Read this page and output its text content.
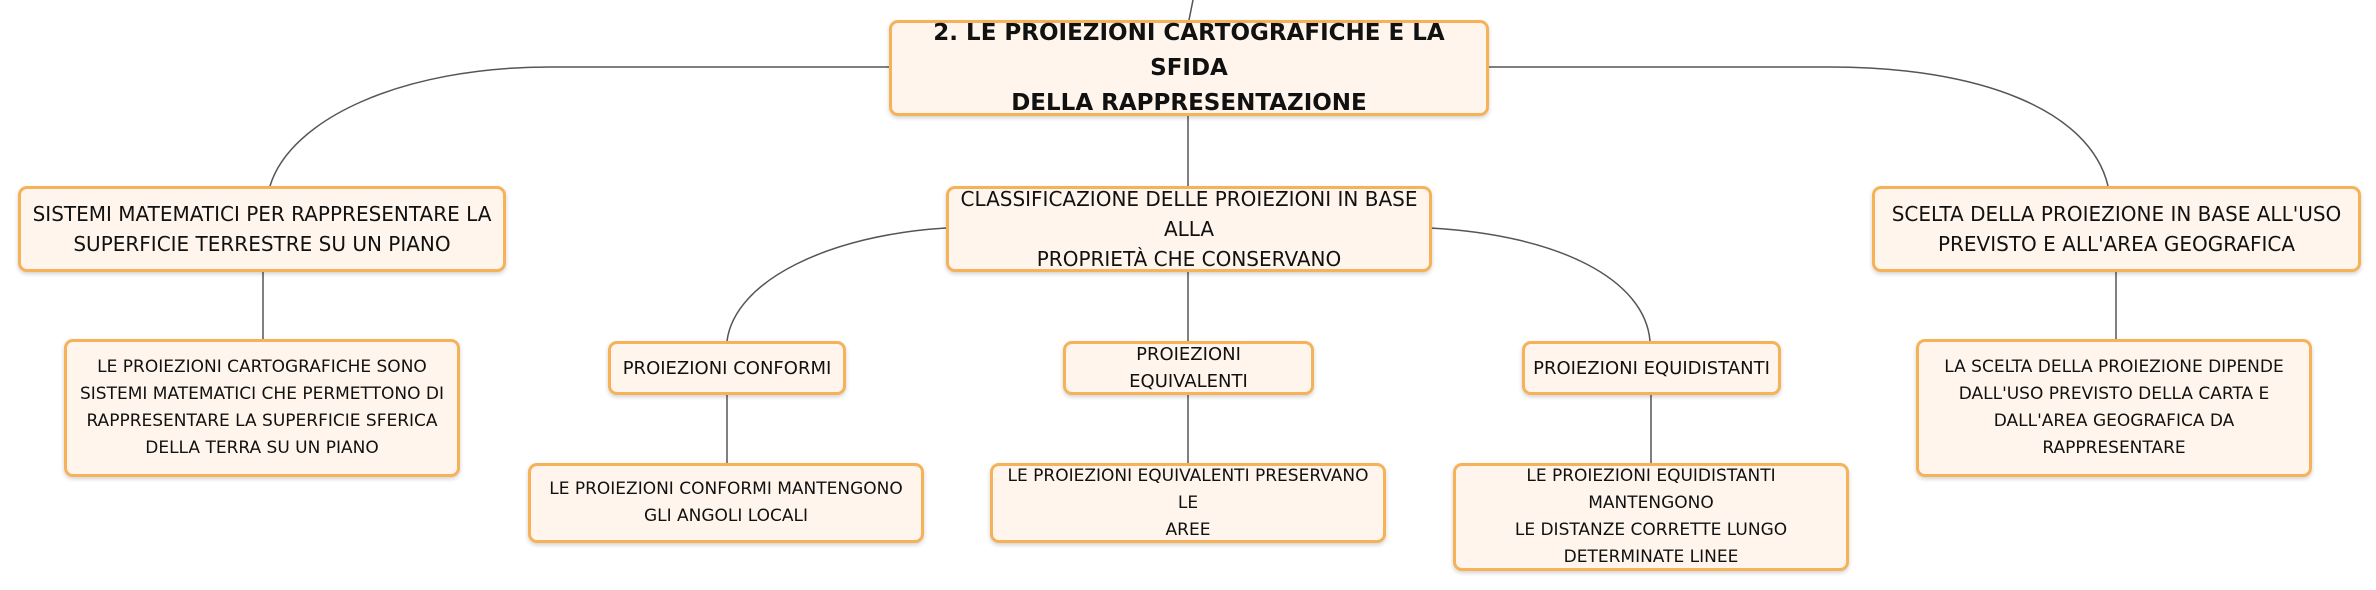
2. LE PROIEZIONI CARTOGRAFICHE E LA SFIDA
DELLA RAPPRESENTAZIONE
SISTEMI MATEMATICI PER RAPPRESENTARE LA
SUPERFICIE TERRESTRE SU UN PIANO
CLASSIFICAZIONE DELLE PROIEZIONI IN BASE ALLA
PROPRIETÀ CHE CONSERVANO
SCELTA DELLA PROIEZIONE IN BASE ALL'USO
PREVISTO E ALL'AREA GEOGRAFICA
LE PROIEZIONI CARTOGRAFICHE SONO
SISTEMI MATEMATICI CHE PERMETTONO DI
RAPPRESENTARE LA SUPERFICIE SFERICA
DELLA TERRA SU UN PIANO
PROIEZIONI CONFORMI
PROIEZIONI EQUIVALENTI
PROIEZIONI EQUIDISTANTI
LE PROIEZIONI CONFORMI MANTENGONO
GLI ANGOLI LOCALI
LE PROIEZIONI EQUIVALENTI PRESERVANO LE
AREE
LE PROIEZIONI EQUIDISTANTI MANTENGONO
LE DISTANZE CORRETTE LUNGO
DETERMINATE LINEE
LA SCELTA DELLA PROIEZIONE DIPENDE
DALL'USO PREVISTO DELLA CARTA E
DALL'AREA GEOGRAFICA DA RAPPRESENTARE
